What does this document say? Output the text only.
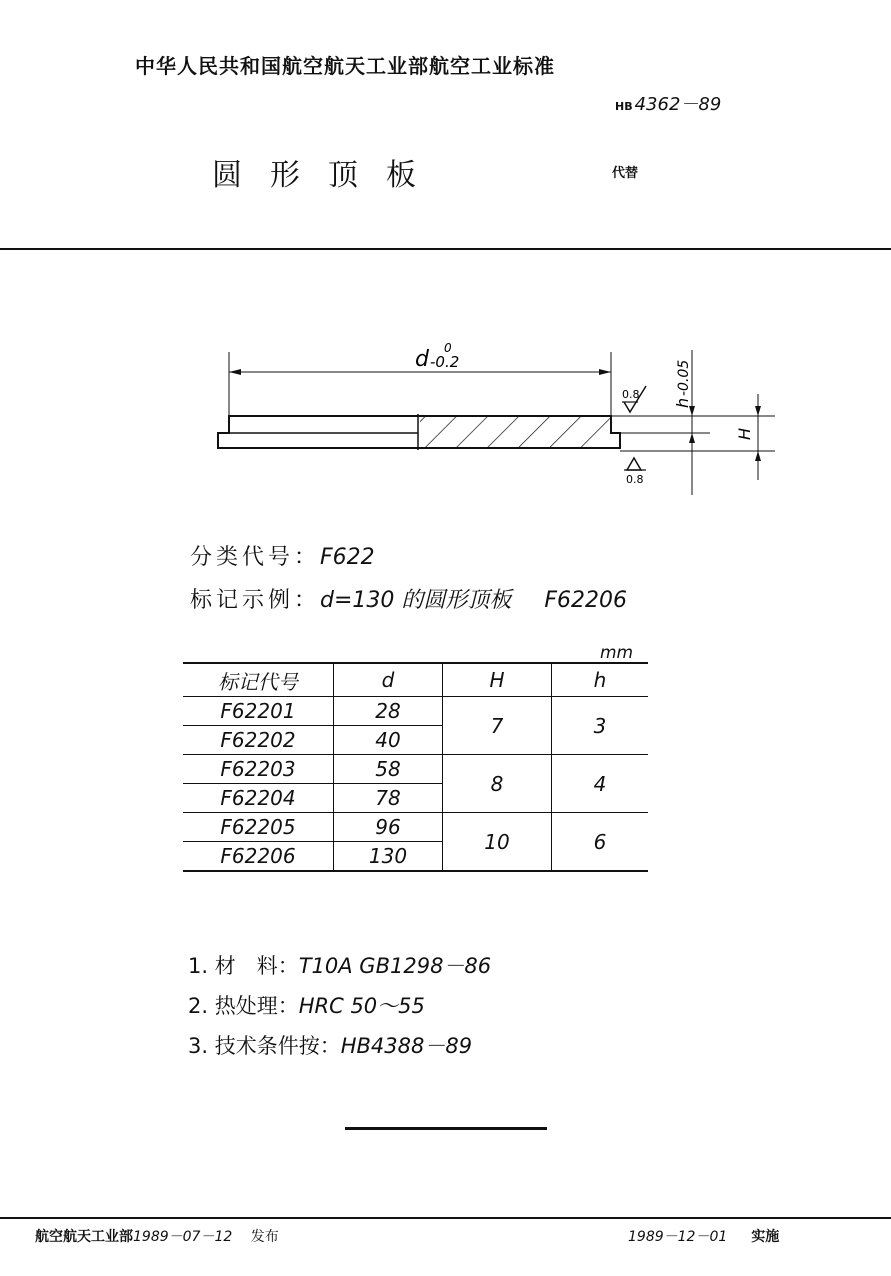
中华人民共和国航空航天工业部航空工业标准
HB 4362－89
圆形顶板	代替
d -0.2
0
h
-0.05
H
0.8
0.8
分类代号：F622
标记示例：d=130 的圆形顶板 F62206
mm
标记代号	d	H	h
F62201	28	7	3
F62202	40		
F62203	58	8	4
F62204	78		
F62205	96	10	6
F62206	130		
1. 材　料：T10A GB1298－86
2. 热处理：HRC 50～55
3. 技术条件按：HB4388－89
航空航天工业部1989－07－12 发布	1989－12－01 实施
